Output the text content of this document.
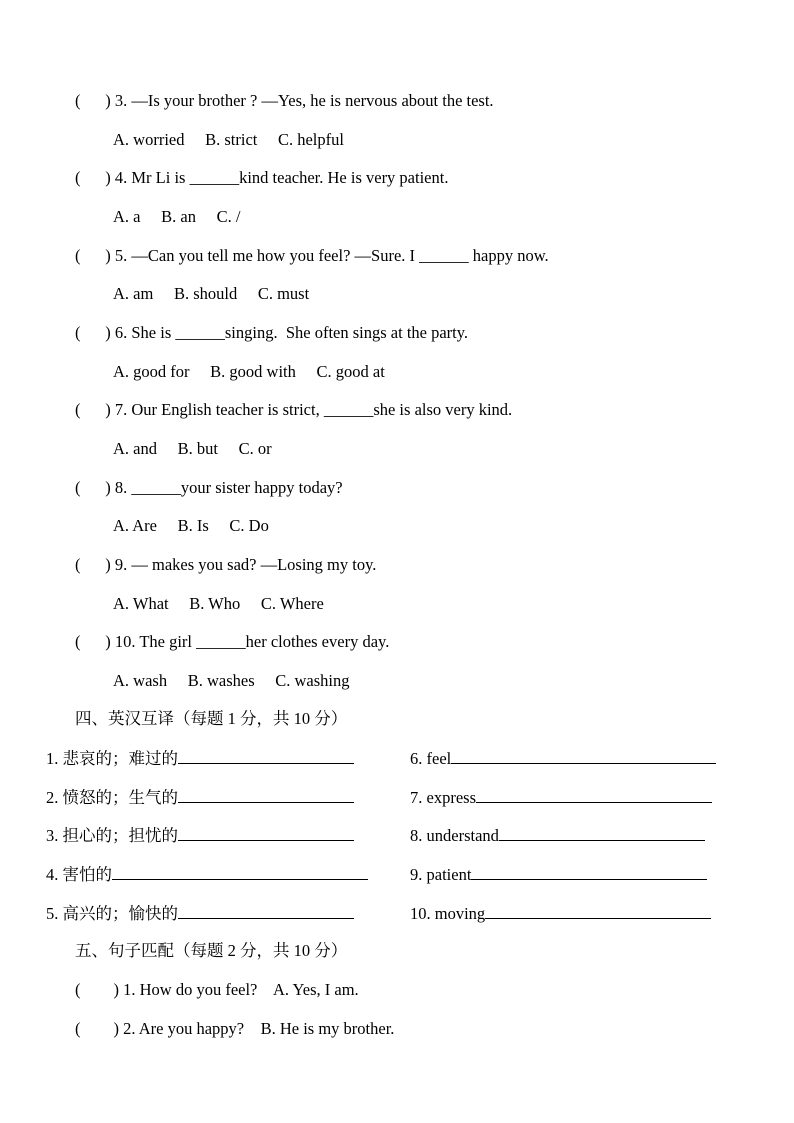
(      ) 3. —Is your brother ? —Yes, he is nervous about the test.
A. worried     B. strict     C. helpful
(      ) 4. Mr Li is ______kind teacher. He is very patient.
A. a     B. an     C. /
(      ) 5. —Can you tell me how you feel? —Sure. I ______ happy now.
A. am     B. should     C. must
(      ) 6. She is ______singing.  She often sings at the party.
A. good for     B. good with     C. good at
(      ) 7. Our English teacher is strict, ______she is also very kind.
A. and     B. but     C. or
(      ) 8. ______your sister happy today?
A. Are     B. Is     C. Do
(      ) 9. — makes you sad? —Losing my toy.
A. What     B. Who     C. Where
(      ) 10. The girl ______her clothes every day.
A. wash     B. washes     C. washing
四、英汉互译（每题 1 分，共 10 分）
1. 悲哀的；难过的	6. feel
2. 愤怒的；生气的	7. express
3. 担心的；担忧的	8. understand
4. 害怕的	9. patient
5. 高兴的；愉快的	10. moving
五、句子匹配（每题 2 分，共 10 分）
(        ) 1. How do you feel?    A. Yes, I am.
(        ) 2. Are you happy?    B. He is my brother.
